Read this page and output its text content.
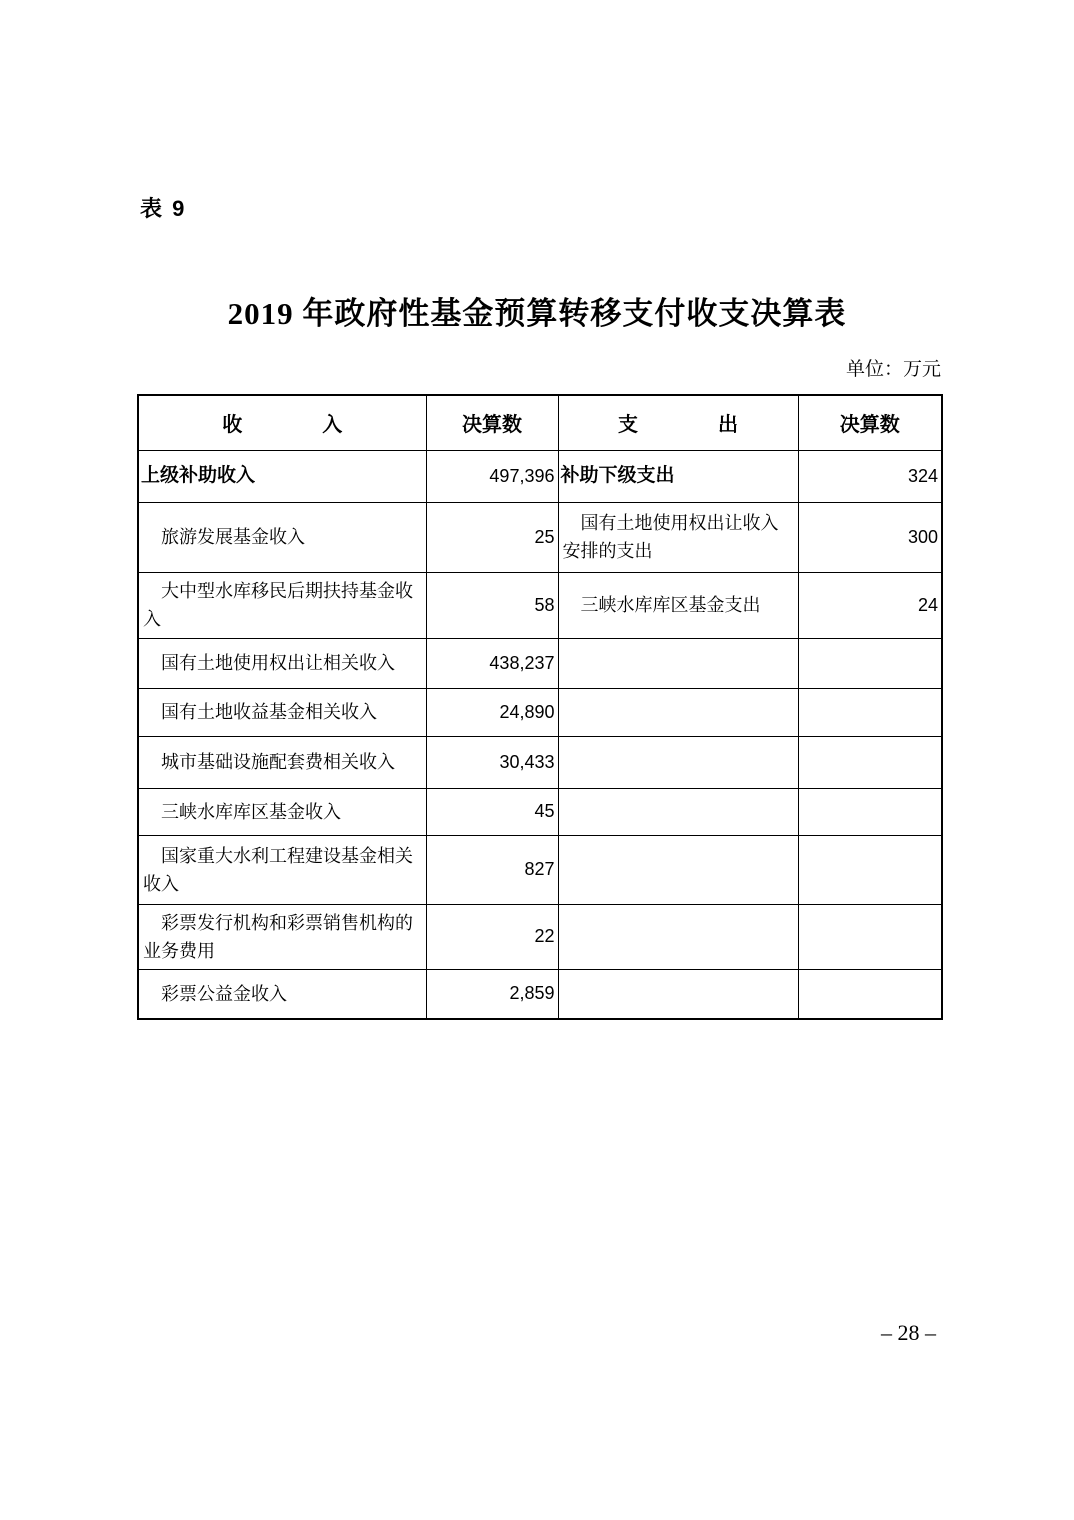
表 9
2019 年政府性基金预算转移支付收支决算表
单位：万元
收　　　　入	决算数	支　　　　出	决算数
上级补助收入	497,396	补助下级支出	324
旅游发展基金收入	25	国有土地使用权出让收入安排的支出	300
大中型水库移民后期扶持基金收入	58	三峡水库库区基金支出	24
国有土地使用权出让相关收入	438,237		
国有土地收益基金相关收入	24,890		
城市基础设施配套费相关收入	30,433		
三峡水库库区基金收入	45		
国家重大水利工程建设基金相关收入	827		
彩票发行机构和彩票销售机构的业务费用	22		
彩票公益金收入	2,859		
– 28 –
